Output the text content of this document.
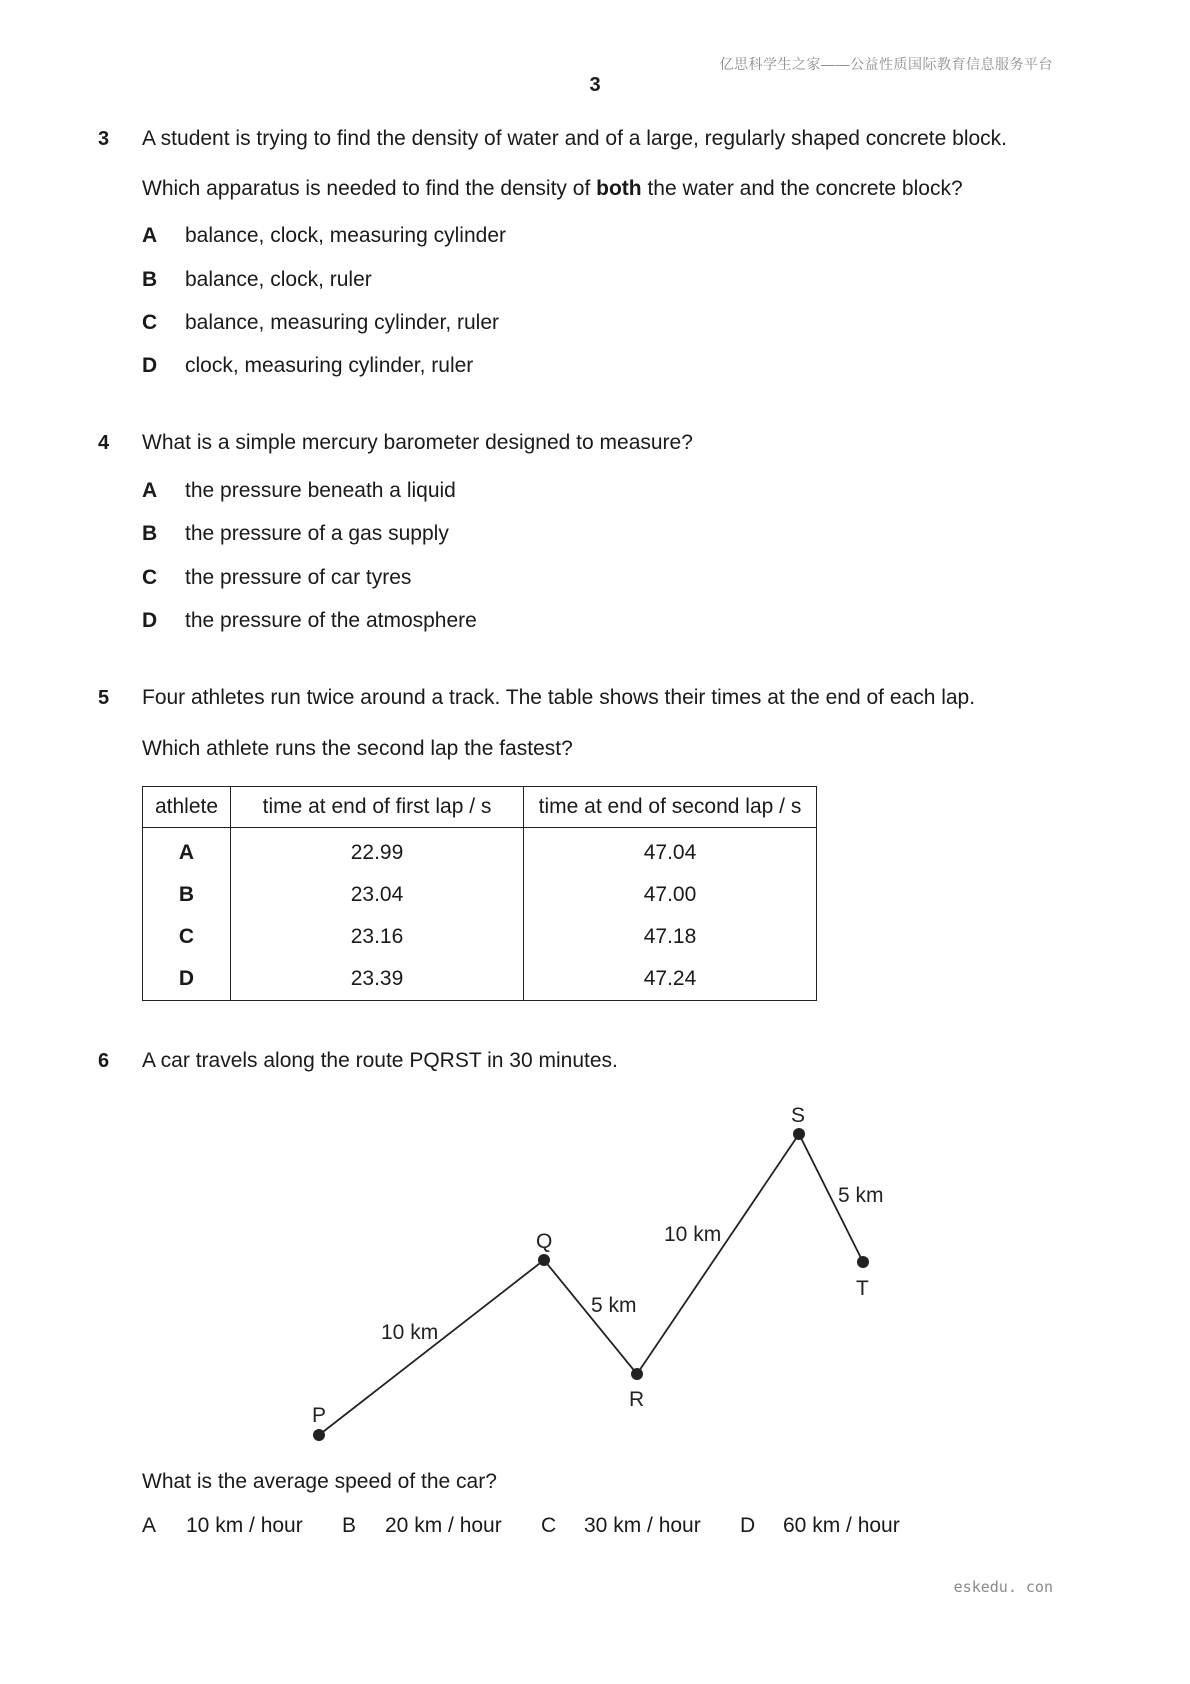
亿思科学生之家——公益性质国际教育信息服务平台
3
3 A student is trying to find the density of water and of a large, regularly shaped concrete block.
Which apparatus is needed to find the density of both the water and the concrete block?
A balance, clock, measuring cylinder
B balance, clock, ruler
C balance, measuring cylinder, ruler
D clock, measuring cylinder, ruler
4 What is a simple mercury barometer designed to measure?
A the pressure beneath a liquid
B the pressure of a gas supply
C the pressure of car tyres
D the pressure of the atmosphere
5 Four athletes run twice around a track. The table shows their times at the end of each lap.
Which athlete runs the second lap the fastest?
athlete	time at end of first lap / s	time at end of second lap / s
A	22.99	47.04
B	23.04	47.00
C	23.16	47.18
D	23.39	47.24
6 A car travels along the route PQRST in 30 minutes.
P
Q
R
S
T
10 km
5 km
10 km
5 km
What is the average speed of the car?
A 10 km / hour B 20 km / hour C 30 km / hour D 60 km / hour
eskedu. con
